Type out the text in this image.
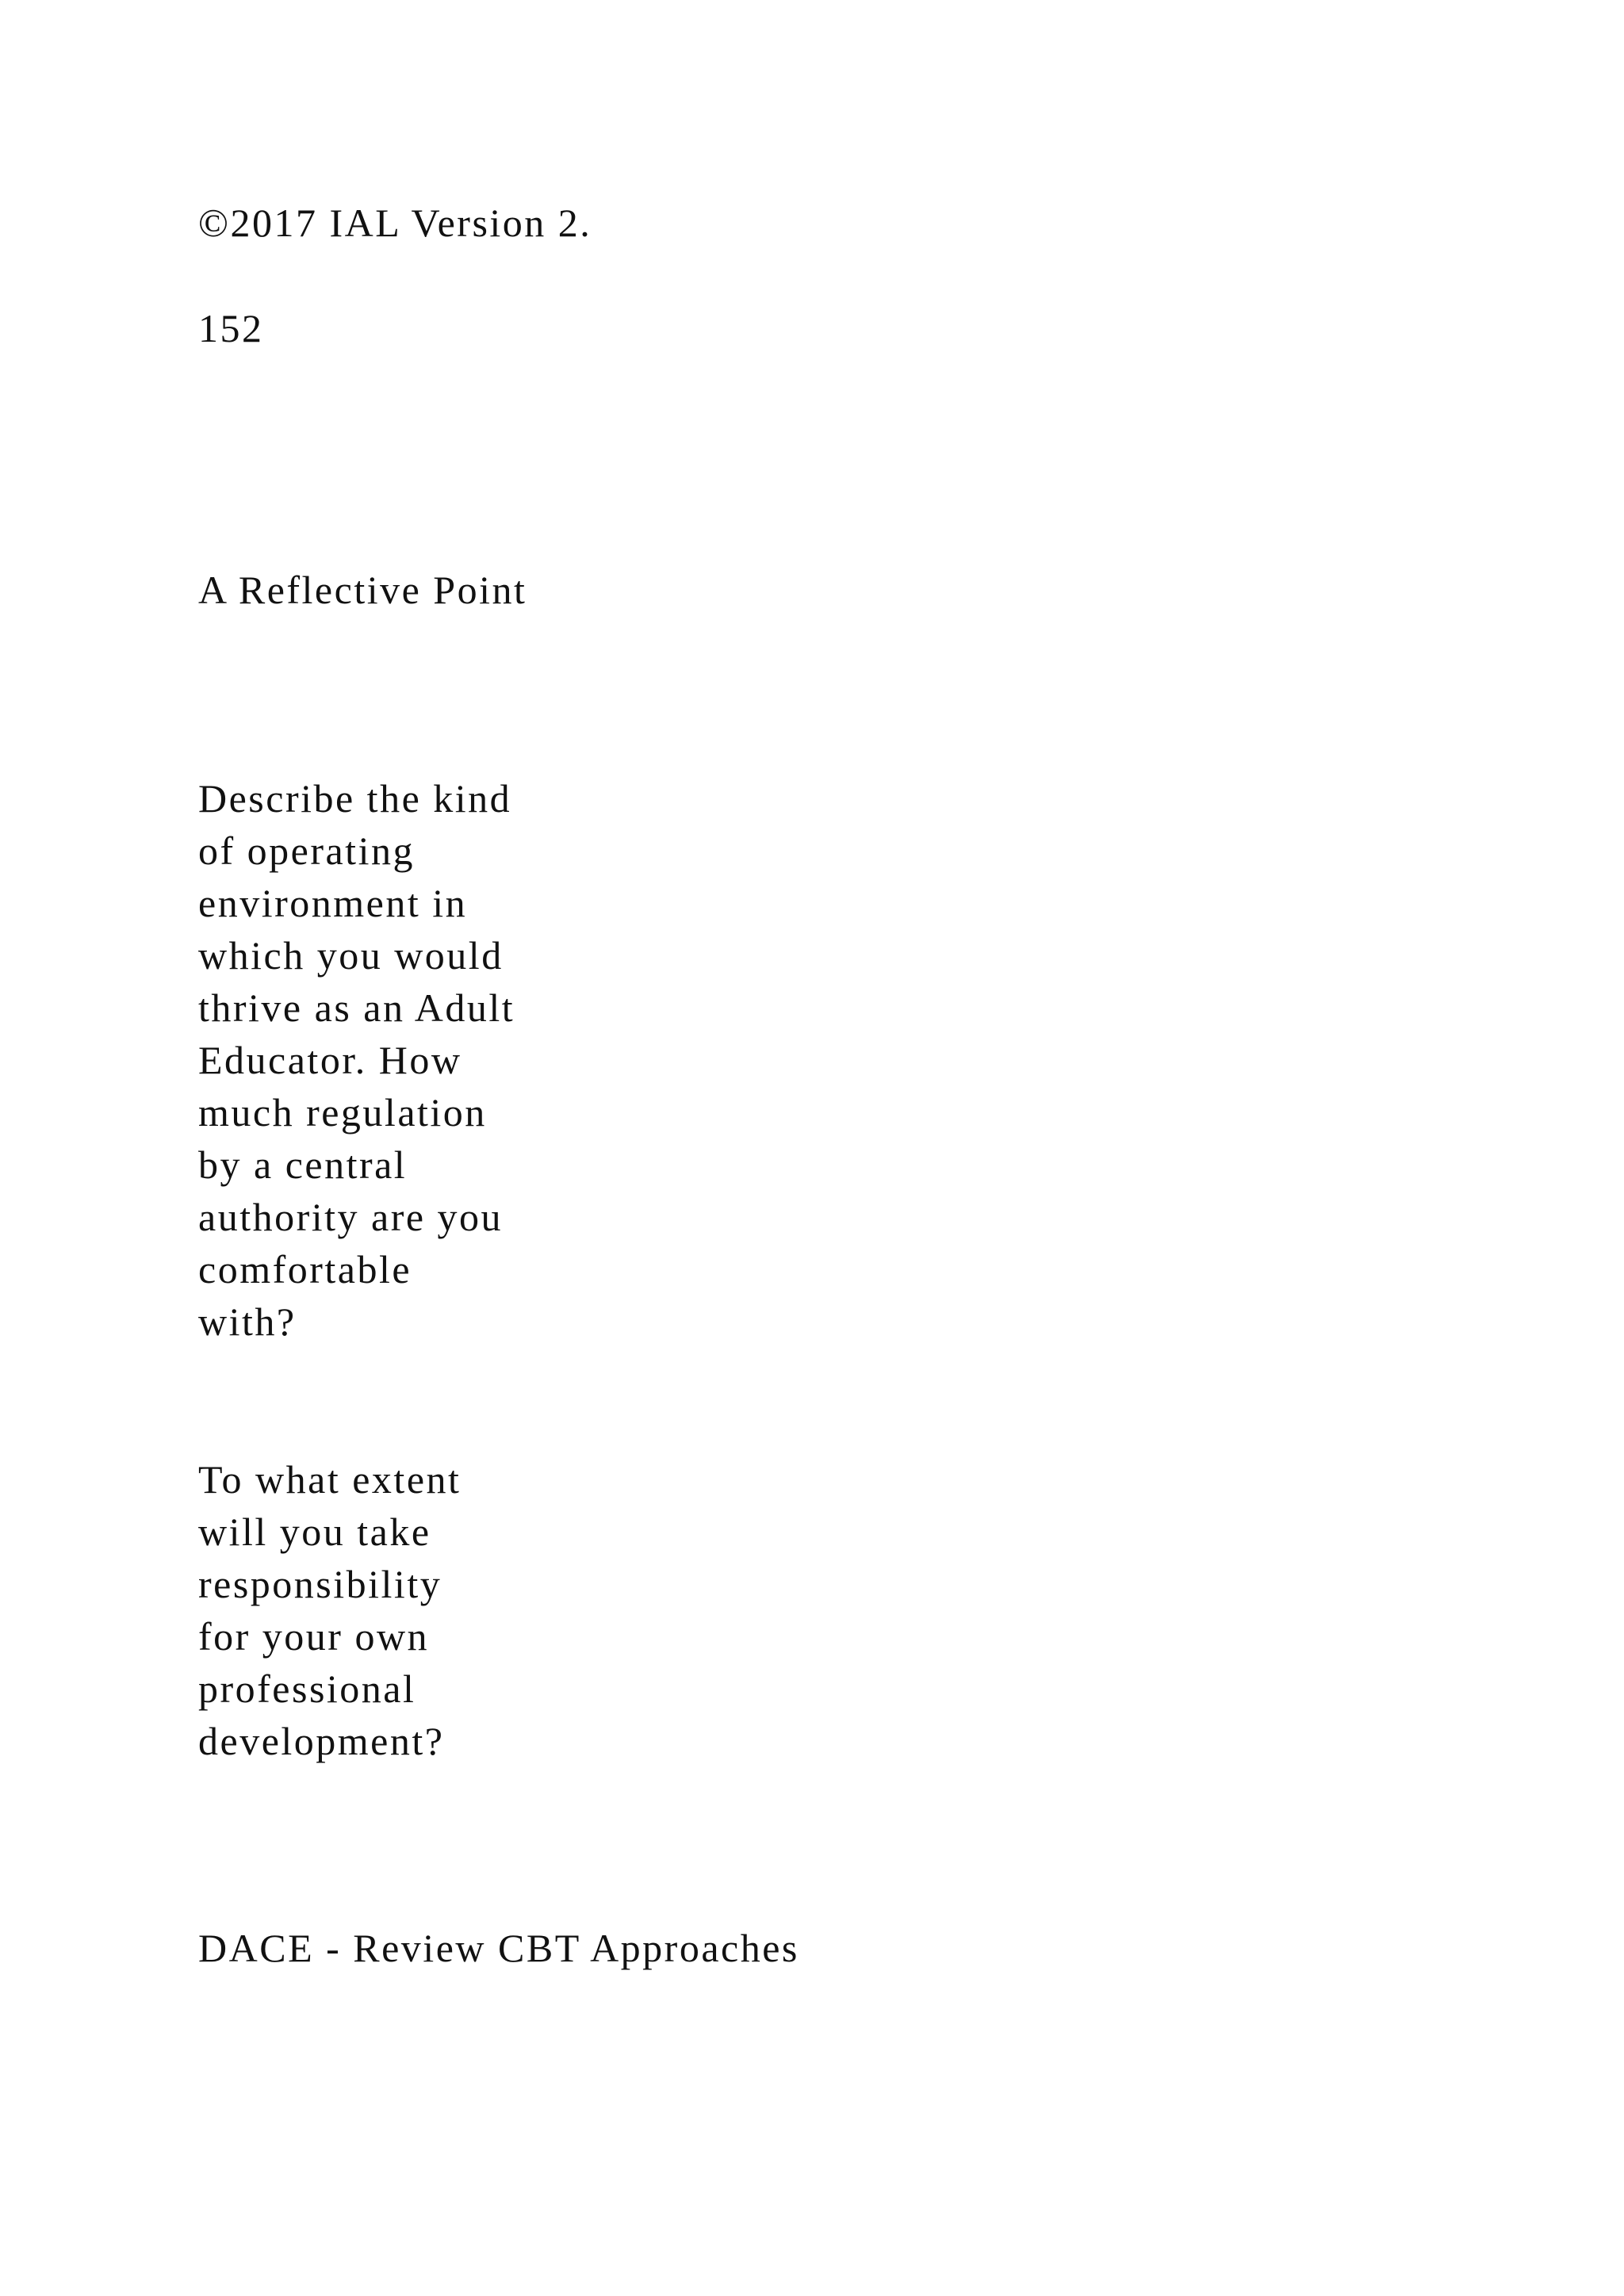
©2017 IAL Version 2.
152
A Reflective Point
Describe the kind
of operating
environment in
which you would
thrive as an Adult
Educator. How
much regulation
by a central
authority are you
comfortable
with?
To what extent
will you take
responsibility
for your own
professional
development?
DACE - Review CBT Approaches
